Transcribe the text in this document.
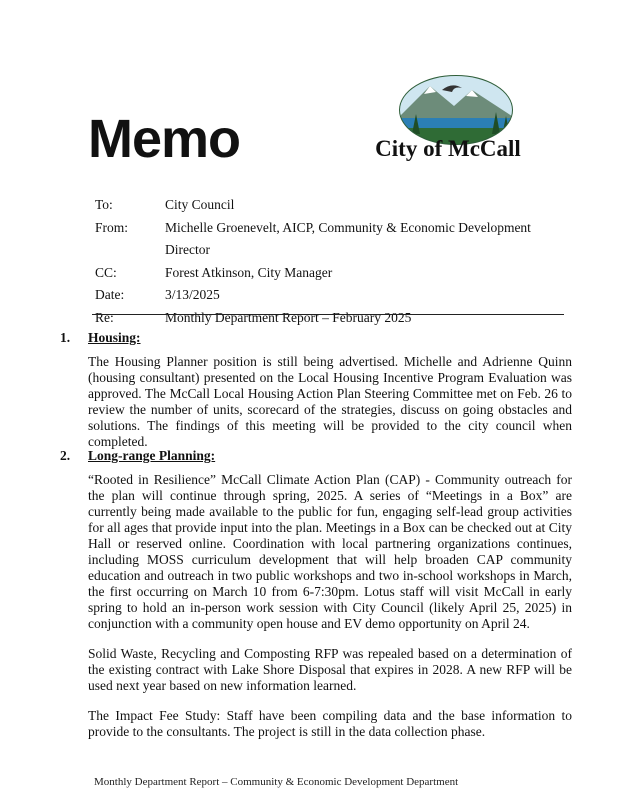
Memo	City of McCall
To:	City Council
From:	Michelle Groenevelt, AICP, Community & Economic Development Director
CC:	Forest Atkinson, City Manager
Date:	3/13/2025
Re:	Monthly Department Report – February 2025
1.	Housing:

The Housing Planner position is still being advertised. Michelle and Adrienne Quinn (housing consultant) presented on the Local Housing Incentive Program Evaluation was approved. The McCall Local Housing Action Plan Steering Committee met on Feb. 26 to review the number of units, scorecard of the strategies, discuss on going obstacles and solutions. The findings of this meeting will be provided to the city council when completed.

2.	Long-range Planning:

“Rooted in Resilience” McCall Climate Action Plan (CAP) - Community outreach for the plan will continue through spring, 2025. A series of “Meetings in a Box” are currently being made available to the public for fun, engaging self-lead group activities for all ages that provide input into the plan. Meetings in a Box can be checked out at City Hall or reserved online. Coordination with local partnering organizations continues, including MOSS curriculum development that will help broaden CAP community education and outreach in two public workshops and two in-school workshops in March, the first occurring on March 10 from 6-7:30pm. Lotus staff will visit McCall in early spring to hold an in-person work session with City Council (likely April 25, 2025) in conjunction with a community open house and EV demo opportunity on April 24.

Solid Waste, Recycling and Composting RFP was repealed based on a determination of the existing contract with Lake Shore Disposal that expires in 2028. A new RFP will be used next year based on new information learned.

The Impact Fee Study: Staff have been compiling data and the base information to provide to the consultants. The project is still in the data collection phase.

Monthly Department Report – Community & Economic Development Department
